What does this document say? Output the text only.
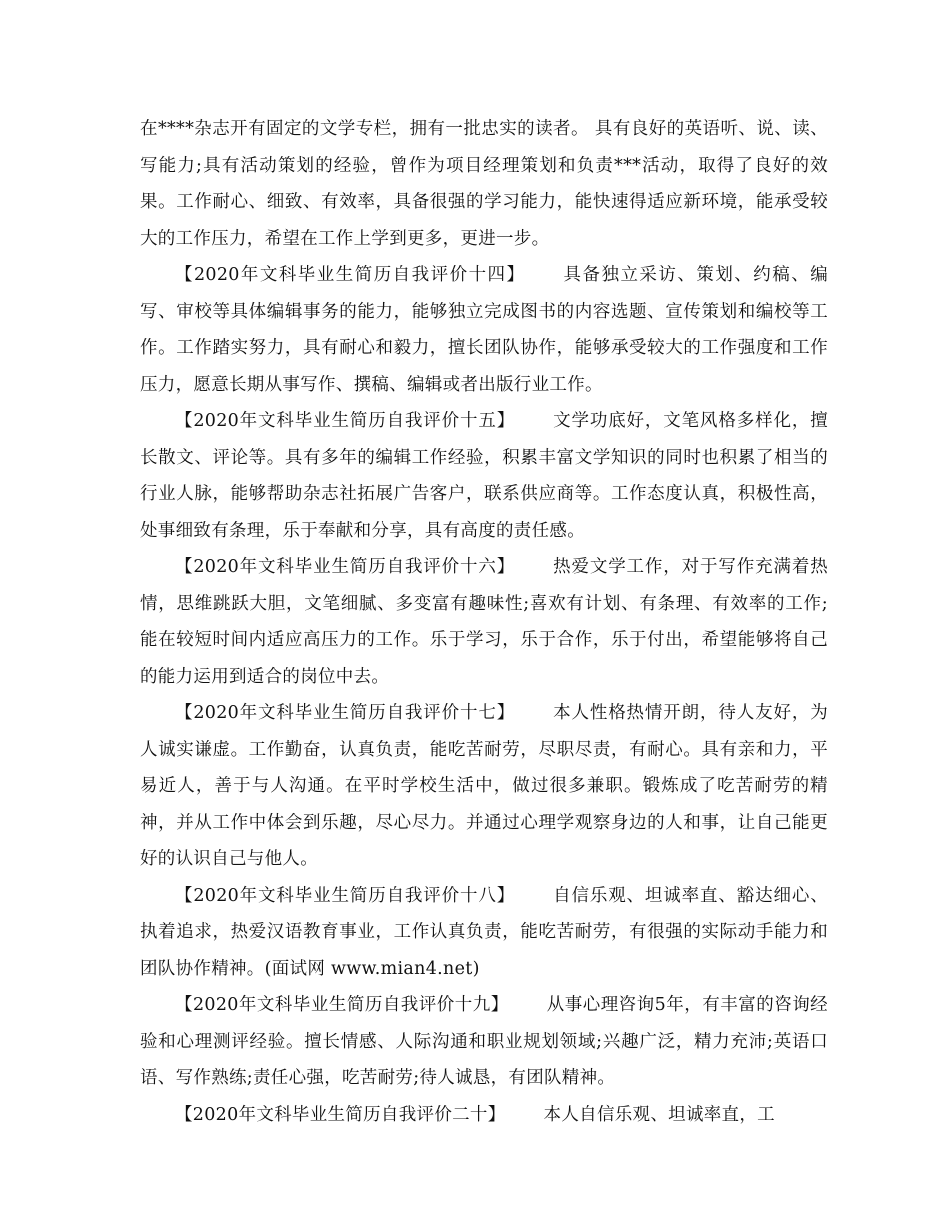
在****杂志开有固定的文学专栏，拥有一批忠实的读者。 具有良好的英语听、说、读、写能力;具有活动策划的经验，曾作为项目经理策划和负责***活动，取得了良好的效果。工作耐心、细致、有效率，具备很强的学习能力，能快速得适应新环境，能承受较大的工作压力，希望在工作上学到更多，更进一步。

【2020年文科毕业生简历自我评价十四】 具备独立采访、策划、约稿、编写、审校等具体编辑事务的能力，能够独立完成图书的内容选题、宣传策划和编校等工作。工作踏实努力，具有耐心和毅力，擅长团队协作，能够承受较大的工作强度和工作压力，愿意长期从事写作、撰稿、编辑或者出版行业工作。

【2020年文科毕业生简历自我评价十五】 文学功底好，文笔风格多样化，擅长散文、评论等。具有多年的编辑工作经验，积累丰富文学知识的同时也积累了相当的行业人脉，能够帮助杂志社拓展广告客户，联系供应商等。工作态度认真，积极性高，处事细致有条理，乐于奉献和分享，具有高度的责任感。

【2020年文科毕业生简历自我评价十六】 热爱文学工作，对于写作充满着热情，思维跳跃大胆，文笔细腻、多变富有趣味性;喜欢有计划、有条理、有效率的工作;能在较短时间内适应高压力的工作。乐于学习，乐于合作，乐于付出，希望能够将自己的能力运用到适合的岗位中去。

【2020年文科毕业生简历自我评价十七】 本人性格热情开朗，待人友好，为人诚实谦虚。工作勤奋，认真负责，能吃苦耐劳，尽职尽责，有耐心。具有亲和力，平易近人，善于与人沟通。在平时学校生活中，做过很多兼职。锻炼成了吃苦耐劳的精神，并从工作中体会到乐趣，尽心尽力。并通过心理学观察身边的人和事，让自己能更好的认识自己与他人。

【2020年文科毕业生简历自我评价十八】 自信乐观、坦诚率直、豁达细心、执着追求，热爱汉语教育事业，工作认真负责，能吃苦耐劳，有很强的实际动手能力和团队协作精神。(面试网 www.mian4.net)

【2020年文科毕业生简历自我评价十九】 从事心理咨询5年，有丰富的咨询经验和心理测评经验。擅长情感、人际沟通和职业规划领域;兴趣广泛，精力充沛;英语口语、写作熟练;责任心强，吃苦耐劳;待人诚恳，有团队精神。

【2020年文科毕业生简历自我评价二十】 本人自信乐观、坦诚率直，工
